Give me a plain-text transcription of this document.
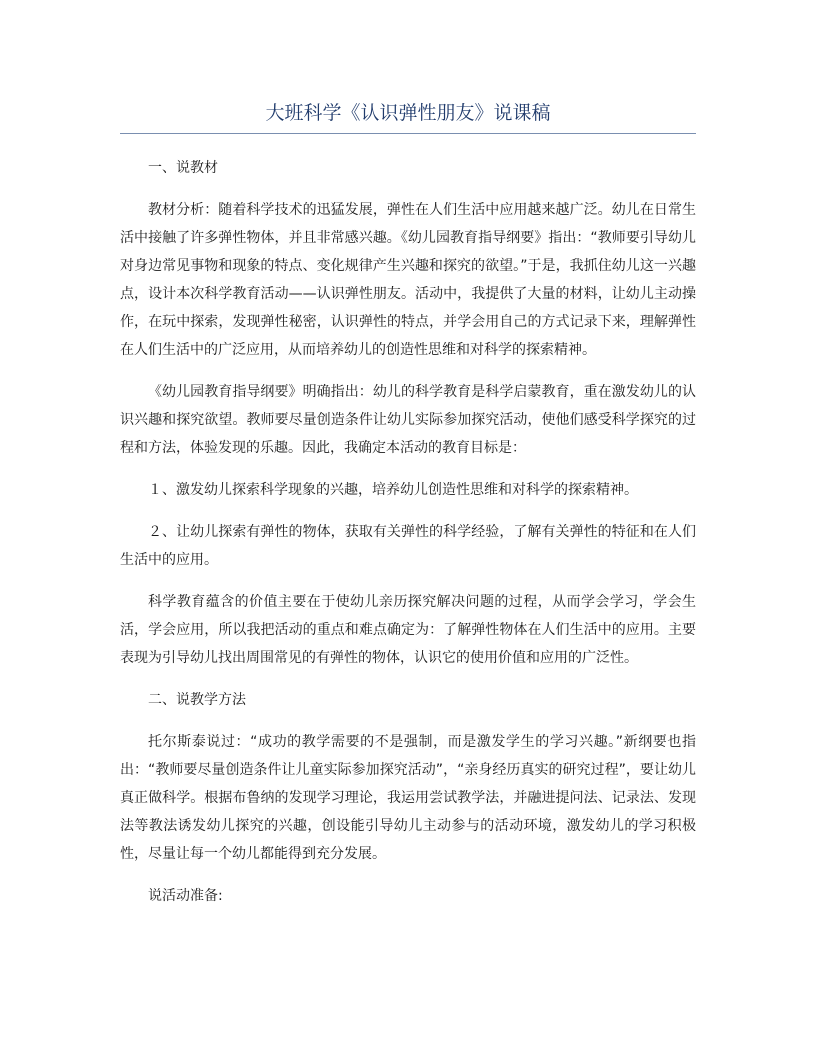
大班科学《认识弹性朋友》说课稿
一、说教材

教材分析：随着科学技术的迅猛发展，弹性在人们生活中应用越来越广泛。幼儿在日常生活中接触了许多弹性物体，并且非常感兴趣。《幼儿园教育指导纲要》指出：“教师要引导幼儿对身边常见事物和现象的特点、变化规律产生兴趣和探究的欲望。”于是，我抓住幼儿这一兴趣点，设计本次科学教育活动——认识弹性朋友。活动中，我提供了大量的材料，让幼儿主动操作，在玩中探索，发现弹性秘密，认识弹性的特点，并学会用自己的方式记录下来，理解弹性在人们生活中的广泛应用，从而培养幼儿的创造性思维和对科学的探索精神。

《幼儿园教育指导纲要》明确指出：幼儿的科学教育是科学启蒙教育，重在激发幼儿的认识兴趣和探究欲望。教师要尽量创造条件让幼儿实际参加探究活动，使他们感受科学探究的过程和方法，体验发现的乐趣。因此，我确定本活动的教育目标是：

１、激发幼儿探索科学现象的兴趣，培养幼儿创造性思维和对科学的探索精神。

２、让幼儿探索有弹性的物体，获取有关弹性的科学经验，了解有关弹性的特征和在人们生活中的应用。

科学教育蕴含的价值主要在于使幼儿亲历探究解决问题的过程，从而学会学习，学会生活，学会应用，所以我把活动的重点和难点确定为：了解弹性物体在人们生活中的应用。主要表现为引导幼儿找出周围常见的有弹性的物体，认识它的使用价值和应用的广泛性。

二、说教学方法

托尔斯泰说过：“成功的教学需要的不是强制，而是激发学生的学习兴趣。”新纲要也指出：“教师要尽量创造条件让儿童实际参加探究活动”，“亲身经历真实的研究过程”，要让幼儿真正做科学。根据布鲁纳的发现学习理论，我运用尝试教学法，并融进提问法、记录法、发现法等教法诱发幼儿探究的兴趣，创设能引导幼儿主动参与的活动环境，激发幼儿的学习积极性，尽量让每一个幼儿都能得到充分发展。

说活动准备:
